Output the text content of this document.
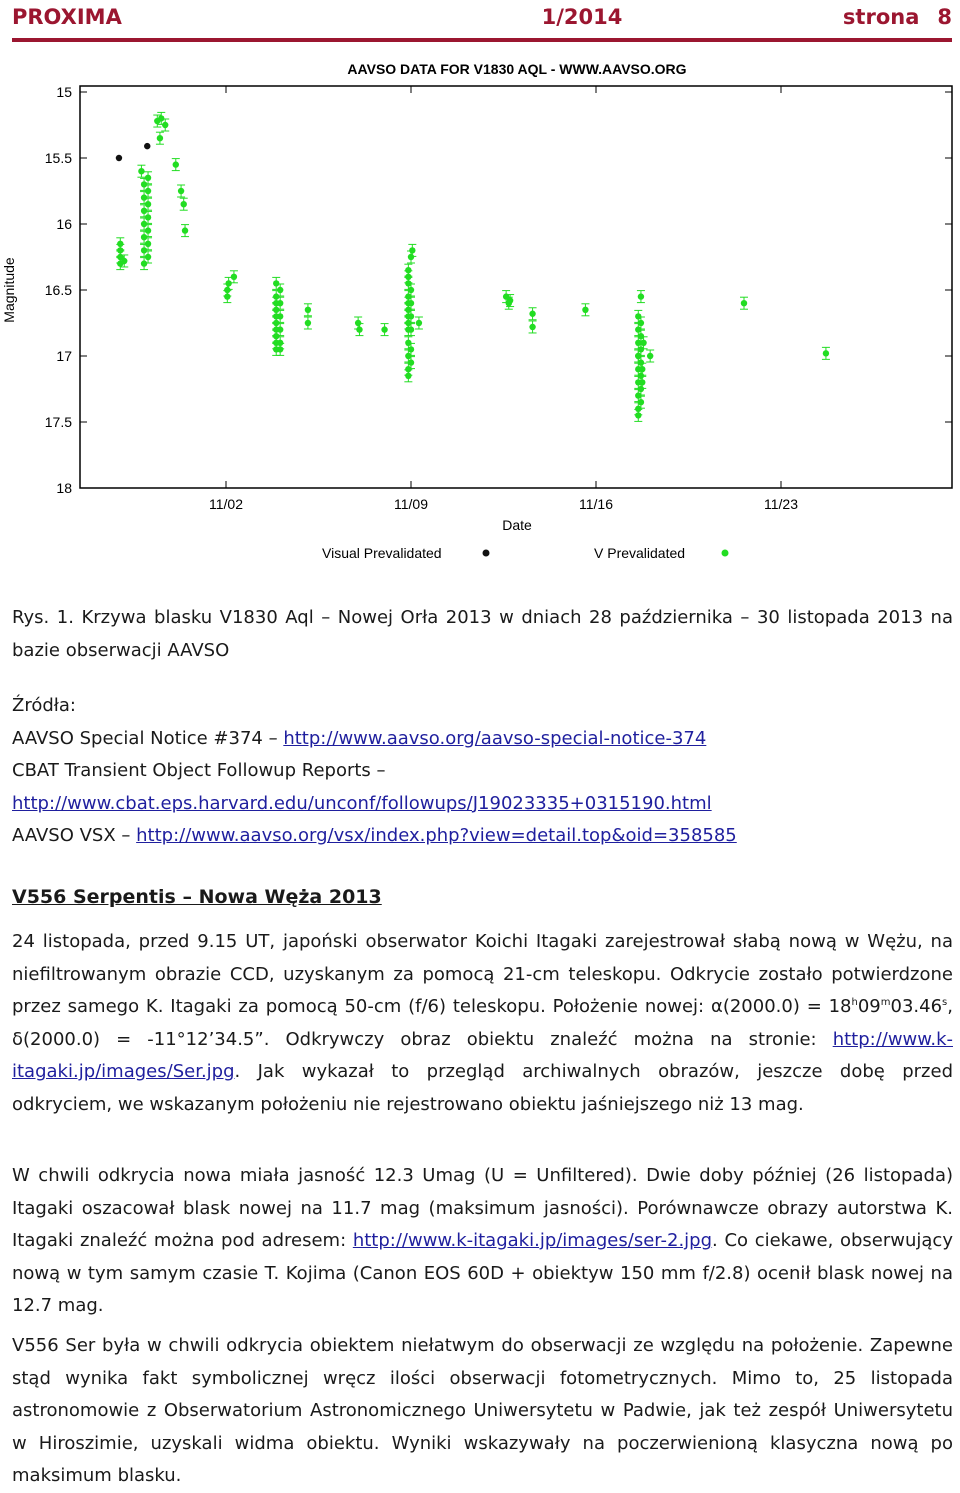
PROXIMA	1/2014	strona 8
AAVSO DATA FOR V1830 AQL - WWW.AAVSO.ORG
15
15.5
16
16.5
17
17.5
18
11/02	11/09	11/16	11/23
Magnitude
Date
Visual Prevalidated	V Prevalidated
Rys. 1. Krzywa blasku V1830 Aql – Nowej Orła 2013 w dniach 28 października – 30 listopada 2013 na bazie obserwacji AAVSO
Źródła:
AAVSO Special Notice #374 – http://www.aavso.org/aavso-special-notice-374
CBAT Transient Object Followup Reports –
http://www.cbat.eps.harvard.edu/unconf/followups/J19023335+0315190.html
AAVSO VSX – http://www.aavso.org/vsx/index.php?view=detail.top&oid=358585
V556 Serpentis – Nowa Węża 2013

24 listopada, przed 9.15 UT, japoński obserwator Koichi Itagaki zarejestrował słabą nową w Wężu, na niefiltrowanym obrazie CCD, uzyskanym za pomocą 21-cm teleskopu. Odkrycie zostało potwierdzone przez samego K. Itagaki za pomocą 50-cm (f/6) teleskopu. Położenie nowej: $\alpha(2000.0) = 18^h09^m03.46^s$, δ(2000.0) = -11°12’34.5”. Odkrywczy obraz obiektu znaleźć można na stronie: http://www.k-itagaki.jp/images/Ser.jpg. Jak wykazał to przegląd archiwalnych obrazów, jeszcze dobę przed odkryciem, we wskazanym położeniu nie rejestrowano obiektu jaśniejszego niż 13 mag.

W chwili odkrycia nowa miała jasność 12.3 Umag (U = Unfiltered). Dwie doby później (26 listopada) Itagaki oszacował blask nowej na 11.7 mag (maksimum jasności). Porównawcze obrazy autorstwa K. Itagaki znaleźć można pod adresem: http://www.k-itagaki.jp/images/ser-2.jpg. Co ciekawe, obserwujący nową w tym samym czasie T. Kojima (Canon EOS 60D + obiektyw 150 mm f/2.8) ocenił blask nowej na 12.7 mag.

V556 Ser była w chwili odkrycia obiektem niełatwym do obserwacji ze względu na położenie. Zapewne stąd wynika fakt symbolicznej wręcz ilości obserwacji fotometrycznych. Mimo to, 25 listopada astronomowie z Obserwatorium Astronomicznego Uniwersytetu w Padwie, jak też zespół Uniwersytetu w Hiroszimie, uzyskali widma obiektu. Wyniki wskazywały na poczerwienioną klasyczna nową po maksimum blasku.
